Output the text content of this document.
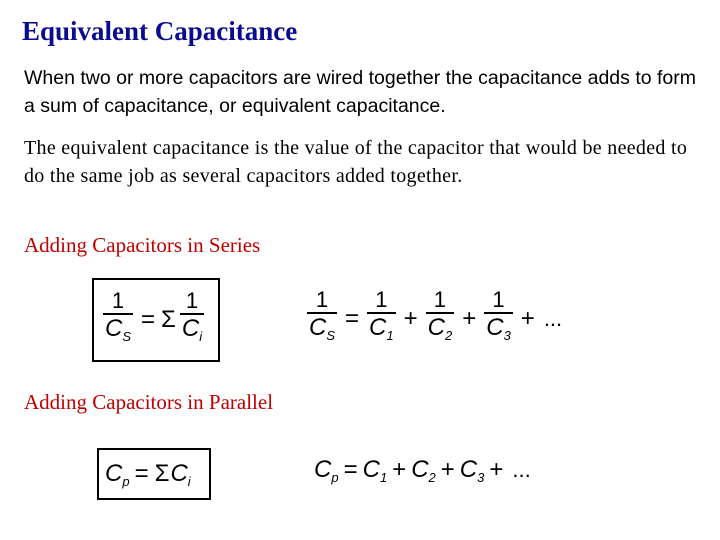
Equivalent Capacitance
When two or more capacitors are wired together the capacitance adds to form a sum of capacitance, or equivalent capacitance.
The equivalent capacitance is the value of the capacitor that would be needed to do the same job as several capacitors added together.
Adding Capacitors in Series
$\frac{1}{C_S} = \Sigma \frac{1}{C_i}$	$\frac{1}{C_S} = \frac{1}{C_1} + \frac{1}{C_2} + \frac{1}{C_3}$ + ...
Adding Capacitors in Parallel
$C_p = \Sigma$ $C_i$	$C_p = C_1 + C_2 + C_3$ + ...
